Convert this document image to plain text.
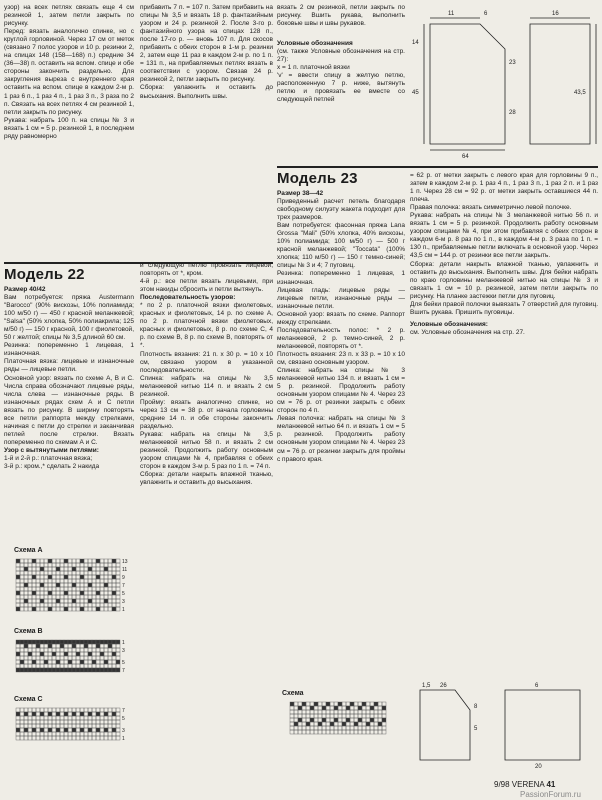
узор) на всех петлях связать еще 4 см резинкой 1, затем петли закрыть по рисунку.

Перед: вязать аналогично спинке, но с круглой горловиной. Через 17 см от меток (связано 7 полос узоров и 10 р. резинки 2, на спицах 148 (158—168) п.) средние 34 (36—38) п. оставить на вспом. спице и обе стороны закончить раздельно. Для закругления выреза с внутреннего края оставить на вспом. спице в каждом 2-м р. 1 раз 6 п., 1 раз 4 п., 1 раз 3 п., 3 раза по 2 п. Связать на всех петлях 4 см резинкой 1, петли закрыть по рисунку.

Рукава: набрать 100 п. на спицы № 3 и вязать 1 см = 5 р. резинкой 1, в последнем ряду равномерно

прибавить 7 п. = 107 п. Затем прибавить на спицы № 3,5 и вязать 18 р. фантазийным узором и 24 р. резинкой 2. После 3-го р. фантазийного узора на спицах 128 п., после 17-го р. — вновь 107 п. Для скосов прибавить с обеих сторон в 1-м р. резинки 2, затем еще 11 раз в каждом 2-м р. по 1 п. = 131 п., на прибавляемых петлях вязать в соответствии с узором. Связав 24 р. резинкой 2, петли закрыть по рисунку.

Сборка: увлажнить и оставить до высыхания. Выполнить швы.

вязать 2 см резинкой, петли закрыть по рисунку. Вшить рукава, выполнить боковые швы и швы рукавов.

Условные обозначения

(см. также Условные обозначения на стр. 27):

х = 1 п. платочной вязки

'v' = ввести спицу в желтую петлю, расположенную 7 р. ниже, вытянуть петлю и провязать ее вместе со следующей петлей

11	6	16
14
45
23
43,5
28
64
Модель 23

Размер 38—42

Приведенный расчет петель благодаря свободному силуэту жакета подходит для трех размеров.

Вам потребуется: фасонная пряжа Lana Grossa "Mali" (50% хлопка, 40% вискозы, 10% полиамида; 100 м/50 г) — 500 г красной меланжевой; "Toccata" (100% хлопка; 110 м/50 г) — 150 г темно-синей; спицы № 3 и 4; 7 пуговиц.

Резинка: попеременно 1 лицевая, 1 изнаночная.

Лицевая гладь: лицевые ряды — лицевые петли, изнаночные ряды — изнаночные петли.

Основной узор: вязать по схеме. Раппорт между стрелками.

Последовательность полос: * 2 р. меланжевой, 2 р. темно-синей, 2 р. меланжевой, повторять от *.

Плотность вязания: 23 п. х 33 р. = 10 х 10 см, связано основным узором.

Спинка: набрать на спицы № 3 меланжевой нитью 134 п. и вязать 1 см = 5 р. резинкой. Продолжить работу основным узором спицами № 4. Через 23 см = 76 р. от резинки закрыть с обеих сторон по 4 п.

Левая полочка: набрать на спицы № 3 меланжевой нитью 64 п. и вязать 1 см = 5 р. резинкой. Продолжить работу основным узором спицами № 4. Через 23 см = 76 р. от резинки закрыть для проймы с правого края.

Схема

= 62 р. от метки закрыть с левого края для горловины 9 п., затем в каждом 2-м р. 1 раз 4 п., 1 раз 3 п., 1 раз 2 п. и 1 раз 1 п. Через 28 см = 92 р. от метки закрыть оставшиеся 44 п. плеча.

Правая полочка: вязать симметрично левой полочке.

Рукава: набрать на спицы № 3 меланжевой нитью 56 п. и вязать 1 см = 5 р. резинкой. Продолжить работу основным узором спицами № 4, при этом прибавляя с обеих сторон в каждом 6-м р. 8 раз по 1 п., в каждом 4-м р. 3 раза по 1 п. = 130 п., прибавляемые петли включать в основной узор. Через 43,5 см = 144 р. от резинки все петли закрыть.

Сборка: детали накрыть влажной тканью, увлажнить и оставить до высыхания. Выполнить швы. Для бейки набрать по краю горловины меланжевой нитью на спицы № 3 и связать 1 см = 10 р. резинкой, затем петли закрыть по рисунку. На планке застежки петли для пуговиц.

Для бейки правой полочки вывязать 7 отверстий для пуговиц. Вшить рукава. Пришить пуговицы.

Условные обозначения:

см. Условные обозначения на стр. 27.

1,5 26
8
5
6
20
Модель 22

Размер 40/42

Вам потребуется: пряжа Austermann "Barocco" (90% вискозы, 10% полиамида; 100 м/50 г) — 450 г красной меланжевой; "Salsa" (50% хлопка, 50% полиакрила; 125 м/50 г) — 150 г красной, 100 г фиолетовой, 50 г желтой; спицы № 3,5 длиной 60 см.

Резинка: попеременно 1 лицевая, 1 изнаночная.

Платочная вязка: лицевые и изнаночные ряды — лицевые петли.

Основной узор: вязать по схеме А, В и С. Числа справа обозначают лицевые ряды, числа слева — изнаночные ряды. В изнаночных рядах схем А и С петли вязать по рисунку. В ширину повторять все петли раппорта между стрелками, начиная с петли до стрелки и заканчивая петлей после стрелки. Вязать попеременно по схемам А и С.

Узор с вытянутыми петлями:

1-й и 2-й р.: платочная вязка;

3-й р.: кром.,* сделать 2 накида

и следующую петлю провязать лицевой, повторять от *, кром.

4-й р.: все петли вязать лицевыми, при этом накиды сбросить и петли вытянуть.

Последовательность узоров:

* по 2 р. платочной вязки фиолетовых, красных и фиолетовых, 14 р. по схеме А, по 2 р. платочной вязки фиолетовых, красных и фиолетовых, 8 р. по схеме С, 4 р. по схеме В, 8 р. по схеме В, повторять от *.

Плотность вязания: 21 п. х 30 р. = 10 х 10 см, связано узором в указанной последовательности.

Спинка: набрать на спицы № 3,5 меланжевой нитью 114 п. и вязать 2 см резинкой.

Пройму: вязать аналогично спинке, но через 13 см = 38 р. от начала горловины средние 14 п. и обе стороны закончить раздельно.

Рукава: набрать на спицы № 3,5 меланжевой нитью 58 п. и вязать 2 см резинкой. Продолжить работу основным узором спицами № 4, прибавляя с обеих сторон в каждом 3-м р. 5 раз по 1 п. = 74 п.

Сборка: детали накрыть влажной тканью, увлажнить и оставить до высыхания.

Схема А
13
11
9
7
5
3
1
Схема В
1
3
5
7
Схема С
7
5
3
1
9/98 VERENA 41
PassionForum.ru
